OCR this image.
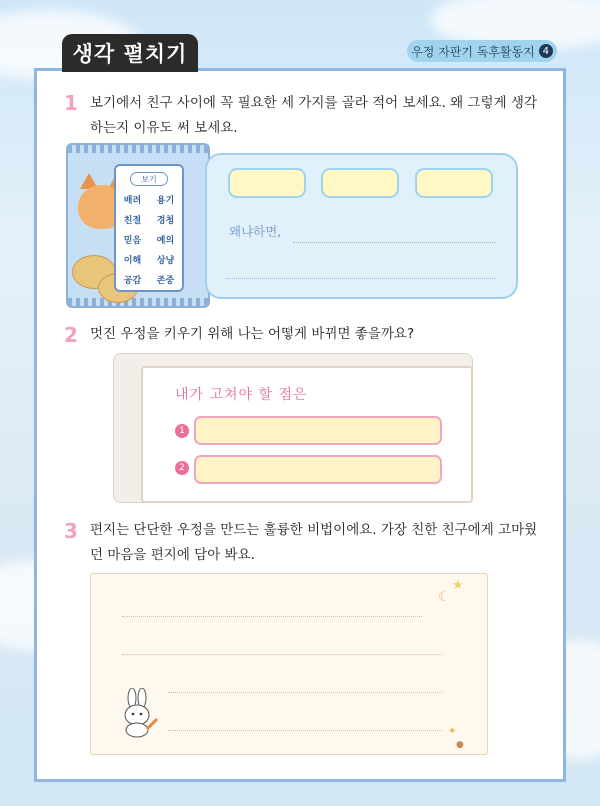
생각 펼치기	우정 자판기 독후활동지 4
1 보기에서 친구 사이에 꼭 필요한 세 가지를 골라 적어 보세요. 왜 그렇게 생각
하는지 이유도 써 보세요.
보기
배려 용기
친절 경청
믿음 예의
이해 상냥
공감 존중
왜냐하면,
2 멋진 우정을 키우기 위해 나는 어떻게 바뀌면 좋을까요?
내가 고쳐야 할 점은
1
2
3 편지는 단단한 우정을 만드는 훌륭한 비법이에요. 가장 친한 친구에게 고마웠
던 마음을 편지에 담아 봐요.
☾
★
✦
●
